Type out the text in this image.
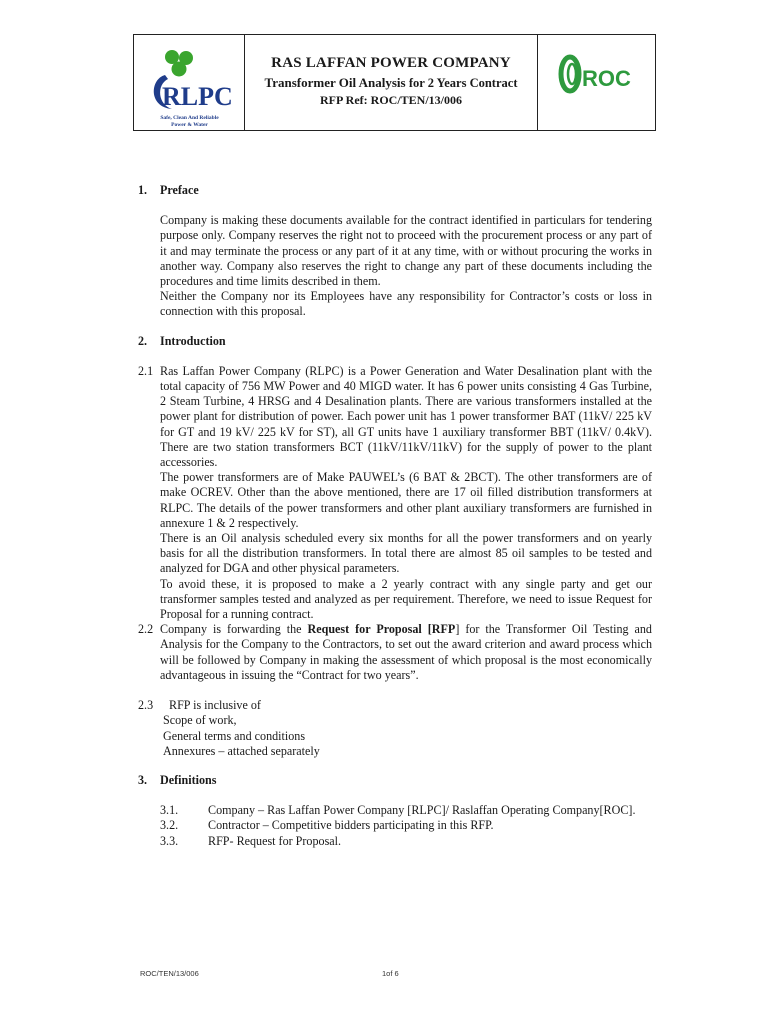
RLPC
Safe, Clean And Reliable
Power & Water
RAS LAFFAN POWER COMPANY
Transformer Oil Analysis for 2 Years Contract
RFP Ref: ROC/TEN/13/006
ROC
1. Preface

Company is making these documents available for the contract identified in particulars for tendering purpose only. Company reserves the right not to proceed with the procurement process or any part of it and may terminate the process or any part of it at any time, with or without procuring the works in another way. Company also reserves the right to change any part of these documents including the procedures and time limits described in them.

Neither the Company nor its Employees have any responsibility for Contractor’s costs or loss in connection with this proposal.

2. Introduction
2.1 Ras Laffan Power Company (RLPC) is a Power Generation and Water Desalination plant with the total capacity of 756 MW Power and 40 MIGD water. It has 6 power units consisting 4 Gas Turbine, 2 Steam Turbine, 4 HRSG and 4 Desalination plants. There are various transformers installed at the power plant for distribution of power. Each power unit has 1 power transformer BAT (11kV/ 225 kV for GT and 19 kV/ 225 kV for ST), all GT units have 1 auxiliary transformer BBT (11kV/ 0.4kV). There are two station transformers BCT (11kV/11kV/11kV) for the supply of power to the plant accessories.

The power transformers are of Make PAUWEL’s (6 BAT & 2BCT). The other transformers are of make OCREV. Other than the above mentioned, there are 17 oil filled distribution transformers at RLPC. The details of the power transformers and other plant auxiliary transformers are furnished in annexure 1 & 2 respectively.

There is an Oil analysis scheduled every six months for all the power transformers and on yearly basis for all the distribution transformers. In total there are almost 85 oil samples to be tested and analyzed for DGA and other physical parameters.

To avoid these, it is proposed to make a 2 yearly contract with any single party and get our transformer samples tested and analyzed as per requirement. Therefore, we need to issue Request for Proposal for a running contract.

2.2 Company is forwarding the Request for Proposal [RFP] for the Transformer Oil Testing and Analysis for the Company to the Contractors, to set out the award criterion and award process which will be followed by Company in making the assessment of which proposal is the most economically advantageous in issuing the “Contract for two years”.

2.3	RFP is inclusive of

Scope of work,

General terms and conditions

Annexures – attached separately

3. Definitions
3.1.	Company – Ras Laffan Power Company [RLPC]/ Raslaffan Operating Company[ROC].
3.2.	Contractor – Competitive bidders participating in this RFP.
3.3.	RFP- Request for Proposal.
ROC/TEN/13/006	1of 6
